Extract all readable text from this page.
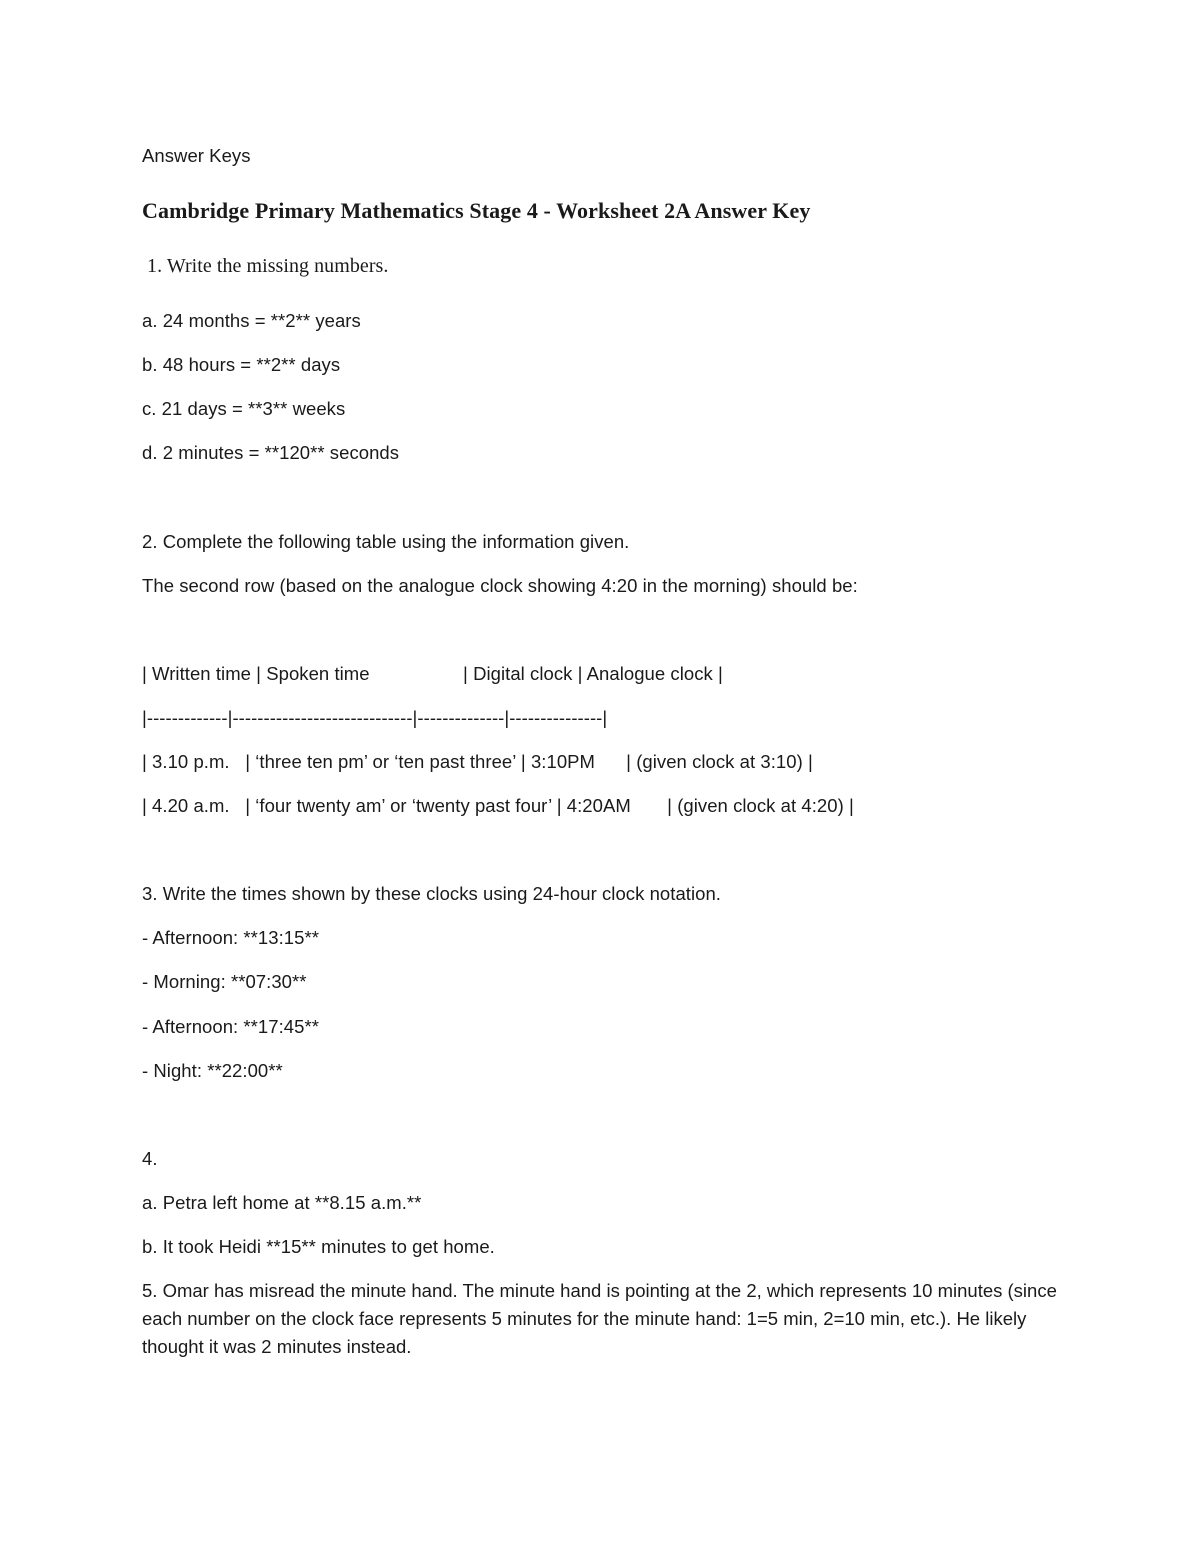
Answer Keys
Cambridge Primary Mathematics Stage 4 - Worksheet 2A Answer Key
1. Write the missing numbers.
a. 24 months = **2** years
b. 48 hours = **2** days
c. 21 days = **3** weeks
d. 2 minutes = **120** seconds
2. Complete the following table using the information given.
The second row (based on the analogue clock showing 4:20 in the morning) should be:
| Written time | Spoken time                  | Digital clock | Analogue clock |
|-------------|-----------------------------|--------------|---------------|
| 3.10 p.m.   | ‘three ten pm’ or ‘ten past three’ | 3:10PM      | (given clock at 3:10) |
| 4.20 a.m.   | ‘four twenty am’ or ‘twenty past four’ | 4:20AM       | (given clock at 4:20) |
3. Write the times shown by these clocks using 24-hour clock notation.
- Afternoon: **13:15**
- Morning: **07:30**
- Afternoon: **17:45**
- Night: **22:00**
4.
a. Petra left home at **8.15 a.m.**
b. It took Heidi **15** minutes to get home.
5. Omar has misread the minute hand. The minute hand is pointing at the 2, which represents 10 minutes (since each number on the clock face represents 5 minutes for the minute hand: 1=5 min, 2=10 min, etc.). He likely thought it was 2 minutes instead.
